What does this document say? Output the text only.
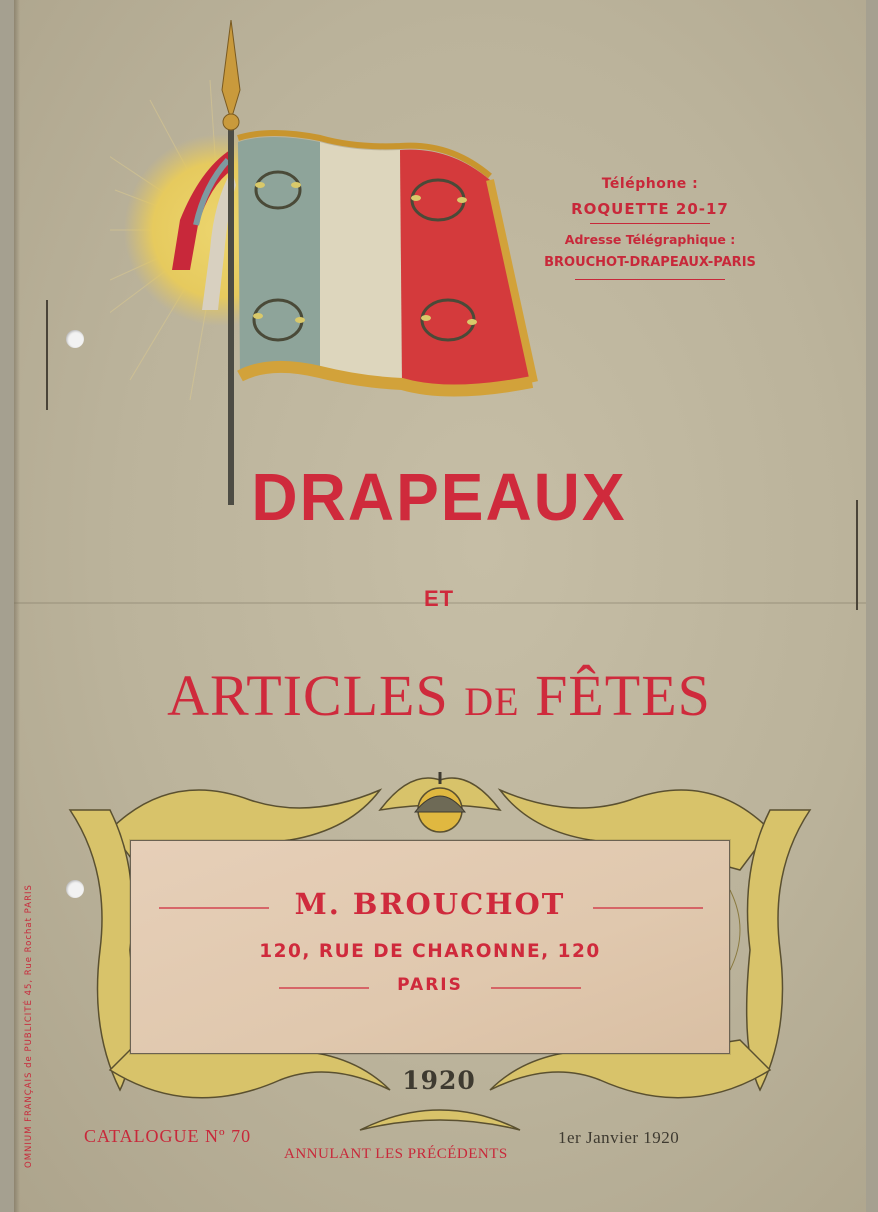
Téléphone :
ROQUETTE 20-17
Adresse Télégraphique :
BROUCHOT-DRAPEAUX-PARIS
DRAPEAUX
ET
ARTICLES DE FÊTES
M. BROUCHOT
120, RUE DE CHARONNE, 120
PARIS
1920
CATALOGUE Nº 70
ANNULANT LES PRÉCÉDENTS
1er Janvier 1920
OMNIUM FRANÇAIS de PUBLICITÉ 45, Rue Rochat PARIS
